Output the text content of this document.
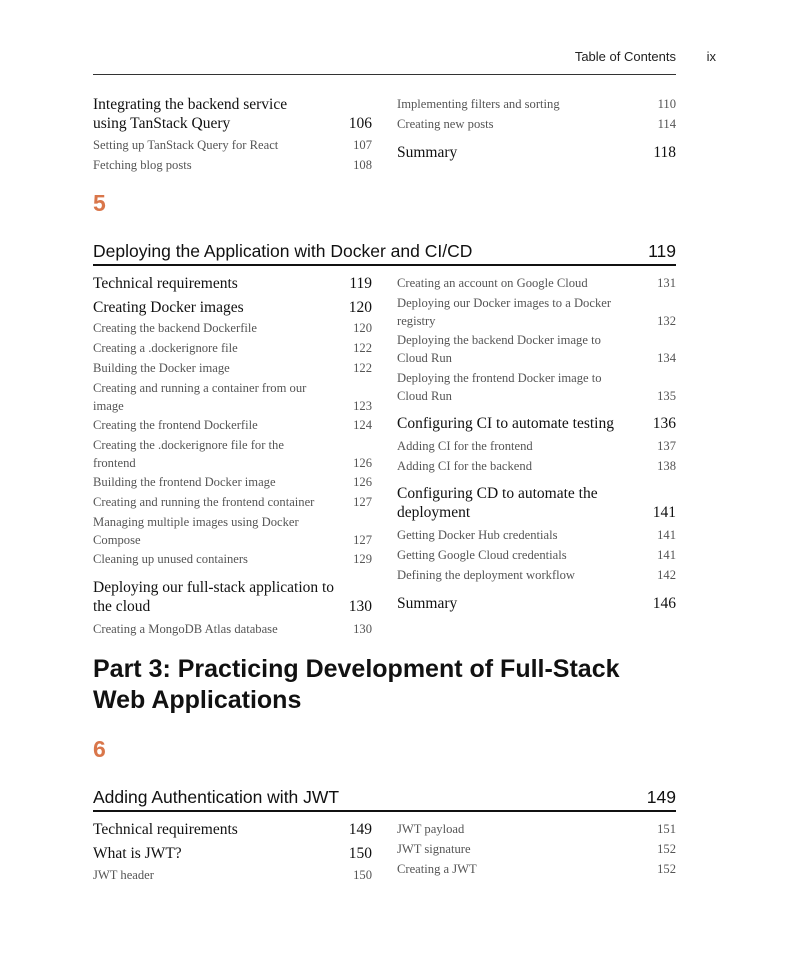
Table of Contents	ix
Integrating the backend service using TanStack Query	106
Setting up TanStack Query for React	107
Fetching blog posts	108
Implementing filters and sorting	110
Creating new posts	114
Summary	118
5
Deploying the Application with Docker and CI/CD	119
Technical requirements	119
Creating Docker images	120
Creating the backend Dockerfile	120
Creating a .dockerignore file	122
Building the Docker image	122
Creating and running a container from our image	123
Creating the frontend Dockerfile	124
Creating the .dockerignore file for the frontend	126
Building the frontend Docker image	126
Creating and running the frontend container	127
Managing multiple images using Docker Compose	127
Cleaning up unused containers	129
Deploying our full-stack application to the cloud	130
Creating a MongoDB Atlas database	130
Creating an account on Google Cloud	131
Deploying our Docker images to a Docker registry	132
Deploying the backend Docker image to Cloud Run	134
Deploying the frontend Docker image to Cloud Run	135
Configuring CI to automate testing	136
Adding CI for the frontend	137
Adding CI for the backend	138
Configuring CD to automate the deployment	141
Getting Docker Hub credentials	141
Getting Google Cloud credentials	141
Defining the deployment workflow	142
Summary	146
Part 3: Practicing Development of Full-Stack
Web Applications
6
Adding Authentication with JWT	149
Technical requirements	149
What is JWT?	150
JWT header	150
JWT payload	151
JWT signature	152
Creating a JWT	152
